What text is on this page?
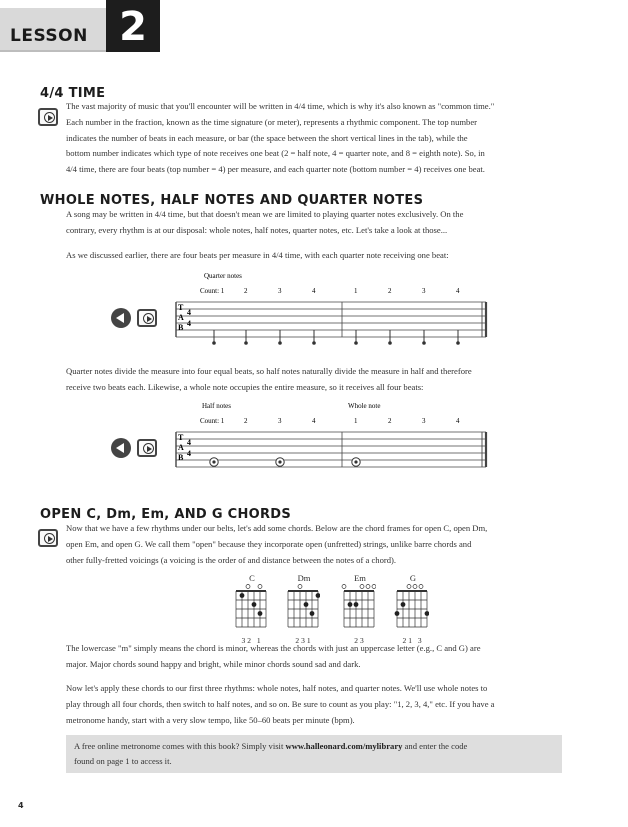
LESSON 2
4/4 TIME
The vast majority of music that you'll encounter will be written in 4/4 time, which is why it's also known as "common time."
Each number in the fraction, known as the time signature (or meter), represents a rhythmic component. The top number
indicates the number of beats in each measure, or bar (the space between the short vertical lines in the tab), while the
bottom number indicates which type of note receives one beat (2 = half note, 4 = quarter note, and 8 = eighth note). So, in
4/4 time, there are four beats (top number = 4) per measure, and each quarter note (bottom number = 4) receives one beat.
WHOLE NOTES, HALF NOTES AND QUARTER NOTES
A song may be written in 4/4 time, but that doesn't mean we are limited to playing quarter notes exclusively. On the
contrary, every rhythm is at our disposal: whole notes, half notes, quarter notes, etc. Let's take a look at those...
As we discussed earlier, there are four beats per measure in 4/4 time, with each quarter note receiving one beat:
Quarter notes
Count: 1	2	3	4	1	2	3	4
T
A
B
4
4
Quarter notes divide the measure into four equal beats, so half notes naturally divide the measure in half and therefore
receive two beats each. Likewise, a whole note occupies the entire measure, so it receives all four beats:
Half notes	Whole note
Count: 1	2	3	4	1	2	3	4
T
A
B
4
4
OPEN C, Dm, Em, AND G CHORDS
Now that we have a few rhythms under our belts, let's add some chords. Below are the chord frames for open C, open Dm,
open Em, and open G. We call them "open" because they incorporate open (unfretted) strings, unlike barre chords and
other fully-fretted voicings (a voicing is the order of and distance between the notes of a chord).
C
32 1
Dm
231
Em
23
G
21 3
The lowercase "m" simply means the chord is minor, whereas the chords with just an uppercase letter (e.g., C and G) are
major. Major chords sound happy and bright, while minor chords sound sad and dark.
Now let's apply these chords to our first three rhythms: whole notes, half notes, and quarter notes. We'll use whole notes to
play through all four chords, then switch to half notes, and so on. Be sure to count as you play: "1, 2, 3, 4," etc. If you have a
metronome handy, start with a very slow tempo, like 50–60 beats per minute (bpm).
A free online metronome comes with this book? Simply visit www.halleonard.com/mylibrary and enter the code
found on page 1 to access it.
4
